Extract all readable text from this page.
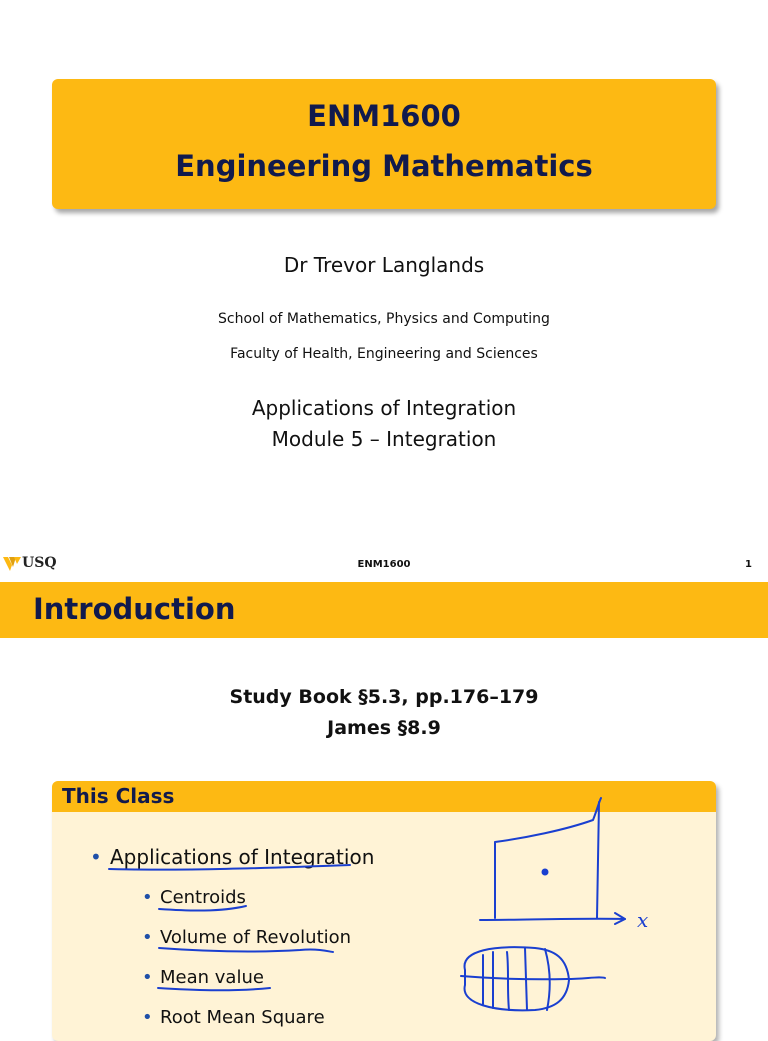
ENM1600
Engineering Mathematics
Dr Trevor Langlands
School of Mathematics, Physics and Computing
Faculty of Health, Engineering and Sciences
Applications of Integration
Module 5 – Integration
USQ	ENM1600	1
Introduction
Study Book §5.3, pp.176–179
James §8.9
This Class
• Applications of Integration
• Centroids
• Volume of Revolution
• Mean value
• Root Mean Square
x
